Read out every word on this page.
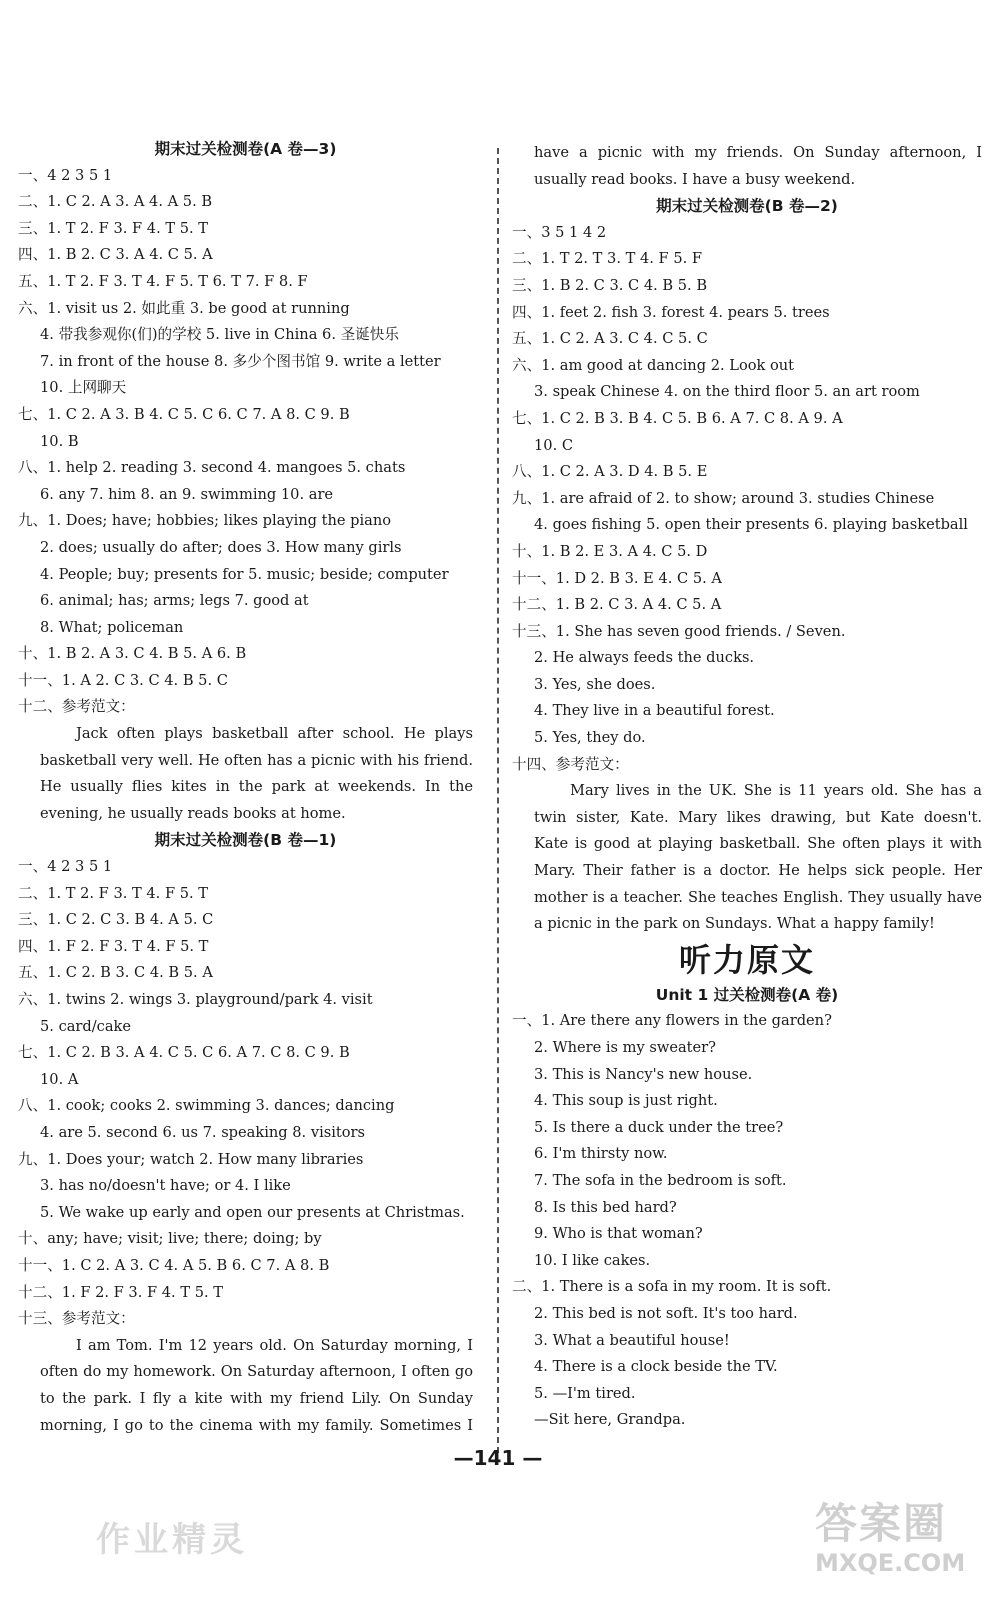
期末过关检测卷(A 卷—3)
一、4 2 3 5 1
二、1. C 2. A 3. A 4. A 5. B
三、1. T 2. F 3. F 4. T 5. T
四、1. B 2. C 3. A 4. C 5. A
五、1. T 2. F 3. T 4. F 5. T 6. T 7. F 8. F
六、1. visit us 2. 如此重 3. be good at running
4. 带我参观你(们)的学校 5. live in China 6. 圣诞快乐
7. in front of the house 8. 多少个图书馆 9. write a letter
10. 上网聊天
七、1. C 2. A 3. B 4. C 5. C 6. C 7. A 8. C 9. B
10. B
八、1. help 2. reading 3. second 4. mangoes 5. chats
6. any 7. him 8. an 9. swimming 10. are
九、1. Does; have; hobbies; likes playing the piano
2. does; usually do after; does 3. How many girls
4. People; buy; presents for 5. music; beside; computer
6. animal; has; arms; legs 7. good at
8. What; policeman
十、1. B 2. A 3. C 4. B 5. A 6. B
十一、1. A 2. C 3. C 4. B 5. C
十二、参考范文：
Jack often plays basketball after school. He plays
basketball very well. He often has a picnic with his friend.
He usually flies kites in the park at weekends. In the
evening, he usually reads books at home.
期末过关检测卷(B 卷—1)
一、4 2 3 5 1
二、1. T 2. F 3. T 4. F 5. T
三、1. C 2. C 3. B 4. A 5. C
四、1. F 2. F 3. T 4. F 5. T
五、1. C 2. B 3. C 4. B 5. A
六、1. twins 2. wings 3. playground/park 4. visit
5. card/cake
七、1. C 2. B 3. A 4. C 5. C 6. A 7. C 8. C 9. B
10. A
八、1. cook; cooks 2. swimming 3. dances; dancing
4. are 5. second 6. us 7. speaking 8. visitors
九、1. Does your; watch 2. How many libraries
3. has no/doesn't have; or 4. I like
5. We wake up early and open our presents at Christmas.
十、any; have; visit; live; there; doing; by
十一、1. C 2. A 3. C 4. A 5. B 6. C 7. A 8. B
十二、1. F 2. F 3. F 4. T 5. T
十三、参考范文：
I am Tom. I'm 12 years old. On Saturday morning, I
often do my homework. On Saturday afternoon, I often go
to the park. I fly a kite with my friend Lily. On Sunday
morning, I go to the cinema with my family. Sometimes I
have a picnic with my friends. On Sunday afternoon, I
usually read books. I have a busy weekend.
期末过关检测卷(B 卷—2)
一、3 5 1 4 2
二、1. T 2. T 3. T 4. F 5. F
三、1. B 2. C 3. C 4. B 5. B
四、1. feet 2. fish 3. forest 4. pears 5. trees
五、1. C 2. A 3. C 4. C 5. C
六、1. am good at dancing 2. Look out
3. speak Chinese 4. on the third floor 5. an art room
七、1. C 2. B 3. B 4. C 5. B 6. A 7. C 8. A 9. A
10. C
八、1. C 2. A 3. D 4. B 5. E
九、1. are afraid of 2. to show; around 3. studies Chinese
4. goes fishing 5. open their presents 6. playing basketball
十、1. B 2. E 3. A 4. C 5. D
十一、1. D 2. B 3. E 4. C 5. A
十二、1. B 2. C 3. A 4. C 5. A
十三、1. She has seven good friends. / Seven.
2. He always feeds the ducks.
3. Yes, she does.
4. They live in a beautiful forest.
5. Yes, they do.
十四、参考范文：
Mary lives in the UK. She is 11 years old. She has a
twin sister, Kate. Mary likes drawing, but Kate doesn't.
Kate is good at playing basketball. She often plays it with
Mary. Their father is a doctor. He helps sick people. Her
mother is a teacher. She teaches English. They usually have
a picnic in the park on Sundays. What a happy family!
听力原文
Unit 1 过关检测卷(A 卷)
一、1. Are there any flowers in the garden?
2. Where is my sweater?
3. This is Nancy's new house.
4. This soup is just right.
5. Is there a duck under the tree?
6. I'm thirsty now.
7. The sofa in the bedroom is soft.
8. Is this bed hard?
9. Who is that woman?
10. I like cakes.
二、1. There is a sofa in my room. It is soft.
2. This bed is not soft. It's too hard.
3. What a beautiful house!
4. There is a clock beside the TV.
5. —I'm tired.
—Sit here, Grandpa.
—141 —
作业精灵	答案圈
MXQE.COM
